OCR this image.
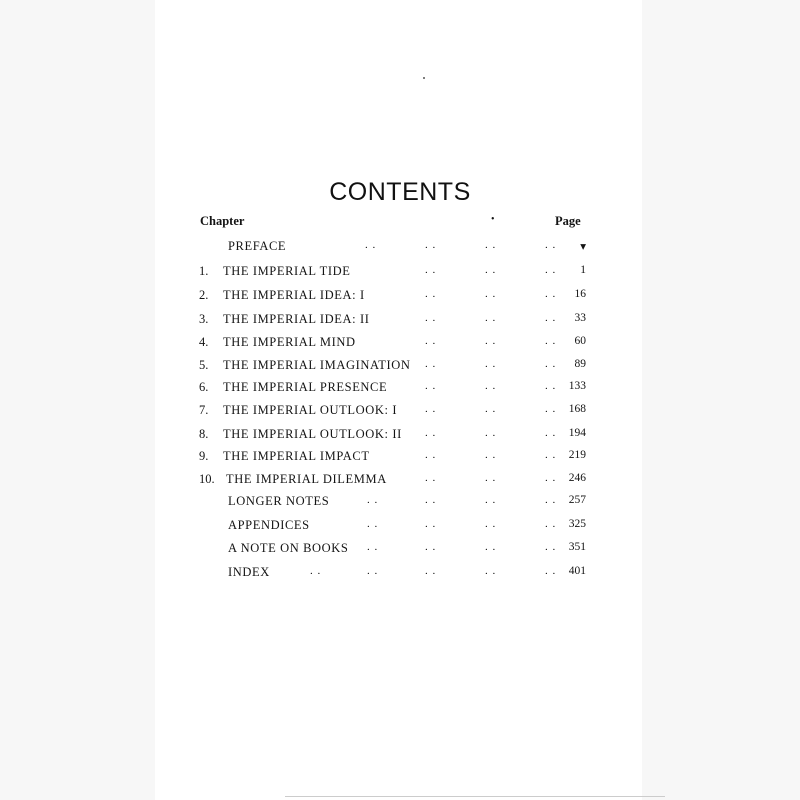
CONTENTS
Chapter	•	Page
PREFACE	. .	. .	. .	. .	▾
1.	THE IMPERIAL TIDE	. .	. .	. .	1
2.	THE IMPERIAL IDEA: I	. .	. .	. .	16
3.	THE IMPERIAL IDEA: II	. .	. .	. .	33
4.	THE IMPERIAL MIND	. .	. .	. .	60
5.	THE IMPERIAL IMAGINATION . .	. .	. .	89
6.	THE IMPERIAL PRESENCE	. .	. .	. .	133
7.	THE IMPERIAL OUTLOOK: I	. .	. .	. .	168
8.	THE IMPERIAL OUTLOOK: II . .	. .	. .	194
9.	THE IMPERIAL IMPACT	. .	. .	. .	219
10. THE IMPERIAL DILEMMA	. .	. .	. .	246
LONGER NOTES	. .	. .	. .	. .	257
APPENDICES	. .	. .	. .	. .	325
A NOTE ON BOOKS . .	. .	. .	. .	351
INDEX	. .	. .	. .	. .	. .	401
